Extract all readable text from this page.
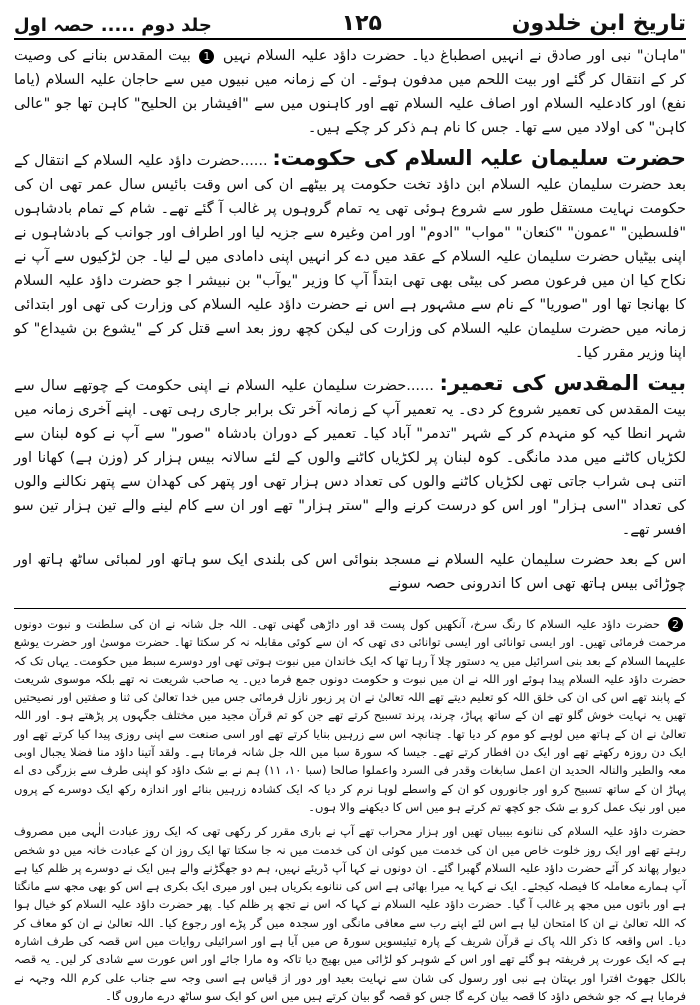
تاریخ ابن خلدون
۱۲۵
جلد دوم ..... حصہ اول

"ماہان" نبی اور صادق نے انہیں اصطباغ دیا۔ حضرت داؤد علیہ السلام نہیں 1 بیت المقدس بنانے کی وصیت کر کے انتقال کر گئے اور بیت اللحم میں مدفون ہوئے۔ ان کے زمانہ میں نبیوں میں سے حاجان علیہ السلام (یاما نفع) اور کادعلیہ السلام اور اصاف علیہ السلام تھے اور کاہنوں میں سے "افیشار بن الحلیح" کاہن تھا جو "عالی کاہن" کی اولاد میں سے تھا۔ جس کا نام ہم ذکر کر چکے ہیں۔

حضرت سلیمان علیہ السلام کی حکومت: ......حضرت داؤد علیہ السلام کے انتقال کے بعد حضرت سلیمان علیہ السلام ابن داؤد تخت حکومت پر بیٹھے ان کی اس وقت بائیس سال عمر تھی ان کی حکومت نہایت مستقل طور سے شروع ہوئی تھی یہ تمام گروہوں پر غالب آ گئے تھے۔ شام کے تمام بادشاہوں "فلسطین" "عمون" "کنعان" "مواب" "ادوم" اور امن وغیرہ سے جزیہ لیا اور اطراف اور جوانب کے بادشاہوں نے اپنی بیٹیاں حضرت سلیمان علیہ السلام کے عقد میں دے کر انہیں اپنی دامادی میں لے لیا۔ جن لڑکیوں سے آپ نے نکاح کیا ان میں فرعون مصر کی بیٹی بھی تھی ابتداً آپ کا وزیر "یوآب" بن نبیشر ا جو حضرت داؤد علیہ السلام کا بھانجا تھا اور "صوریا" کے نام سے مشہور ہے اس نے حضرت داؤد علیہ السلام کی وزارت کی تھی اور ابتدائی زمانہ میں حضرت سلیمان علیہ السلام کی وزارت کی لیکن کچھ روز بعد اسے قتل کر کے "یشوع بن شیداع" کو اپنا وزیر مقرر کیا۔

بیت المقدس کی تعمیر: ......حضرت سلیمان علیہ السلام نے اپنی حکومت کے چوتھے سال سے بیت المقدس کی تعمیر شروع کر دی۔ یہ تعمیر آپ کے زمانہ آخر تک برابر جاری رہی تھی۔ اپنے آخری زمانہ میں شہر انطا کیہ کو منہدم کر کے شہر "تدمر" آباد کیا۔ تعمیر کے دوران بادشاہ "صور" سے آپ نے کوہ لبنان سے لکڑیاں کاٹنے میں مدد مانگی۔ کوہ لبنان پر لکڑیاں کاٹنے والوں کے لئے سالانہ بیس ہزار کر (وزن ہے) کھانا اور اتنی ہی شراب جاتی تھی لکڑیاں کاٹنے والوں کی تعداد دس ہزار تھی اور پتھر کی کھدان سے پتھر نکالنے والوں کی تعداد "اسی ہزار" اور اس کو درست کرنے والے "ستر ہزار" تھے اور ان سے کام لینے والے تین ہزار تین سو افسر تھے۔

اس کے بعد حضرت سلیمان علیہ السلام نے مسجد بنوائی اس کی بلندی ایک سو ہاتھ اور لمبائی ساٹھ ہاتھ اور چوڑائی بیس ہاتھ تھی اس کا اندرونی حصہ سونے

2 حضرت داؤد علیہ السلام کا رنگ سرخ، آنکھیں کول پست قد اور داڑھی گھنی تھی۔ اللہ جل شانہ نے ان کی سلطنت و نبوت دونوں مرحمت فرمائی تھیں۔ اور ایسی توانائی اور ایسی توانائی دی تھی کہ ان سے کوئی مقابلہ نہ کر سکتا تھا۔ حضرت موسیٰ اور حضرت یوشع علیہما السلام کے بعد بنی اسرائیل میں یہ دستور چلا آ رہا تھا کہ ایک خاندان میں نبوت ہوتی تھی اور دوسرے سبط میں حکومت۔ یہاں تک کہ حضرت داؤد علیہ السلام پیدا ہوئے اور اللہ نے ان میں نبوت و حکومت دونوں جمع فرما دیں۔ یہ صاحب شریعت نہ تھے بلکہ موسوی شریعت کے پابند تھے اس کی ان کی خلق اللہ کو تعلیم دیتے تھے اللہ تعالیٰ نے ان پر زبور نازل فرمائی جس میں خدا تعالیٰ کی ثنا و صفتیں اور نصیحتیں تھیں یہ نہایت خوش گلو تھے ان کے ساتھ پہاڑ، چرند، پرند تسبیح کرتے تھے جن کو تم قرآن مجید میں مختلف جگہوں پر پڑھتے ہو۔ اور اللہ تعالیٰ نے ان کے ہاتھ میں لوہے کو موم کر دیا تھا۔ چنانچہ اس سے زرہیں بنایا کرتے تھے اور اسی صنعت سے اپنی روزی پیدا کیا کرتے تھے اور ایک دن روزہ رکھتے تھے اور ایک دن افطار کرتے تھے۔ جیسا کہ سورۃ سبا میں اللہ جل شانہ فرماتا ہے۔ ولقد آتینا داؤد منا فضلا یجبال اوبی معہ والطیر والنالہ الحدید ان اعمل سابغات وقدر فی السرد واعملوا صالحا (سبا ۱۰، ۱۱) ہم نے بے شک داؤد کو اپنی طرف سے بزرگی دی اے پہاڑ ان کے ساتھ تسبیح کرو اور جانوروں کو ان کے واسطے لوہا نرم کر دیا کہ ایک کشادہ زرہیں بنائے اور اندازہ رکھ ایک دوسرے کے پروں میں اور نیک عمل کرو بے شک جو کچھ تم کرتے ہو میں اس کا دیکھنے والا ہوں۔

حضرت داؤد علیہ السلام کی ننانوے بیبیاں تھیں اور ہزار محراب تھے آپ نے باری مقرر کر رکھی تھی کہ ایک روز عبادت الٰہی میں مصروف رہتے تھے اور ایک روز خلوت خاص میں ان کی خدمت میں کوئی ان کی خدمت میں نہ جا سکتا تھا ایک روز ان کے عبادت خانہ میں دو شخص دیوار پھاند کر آئے حضرت داؤد علیہ السلام گھبرا گئے۔ ان دونوں نے کہا آپ ڈریئے نہیں، ہم دو جھگڑنے والے ہیں ایک نے دوسرے پر ظلم کیا ہے آپ ہمارے معاملہ کا فیصلہ کیجئے۔ ایک نے کہا یہ میرا بھائی ہے اس کی ننانوے بکریاں ہیں اور میری ایک بکری ہے اس کو بھی مجھ سے مانگتا ہے اور باتوں میں مجھ پر غالب آ گیا۔ حضرت داؤد علیہ السلام نے کہا کہ اس نے تجھ پر ظلم کیا۔ پھر حضرت داؤد علیہ السلام کو خیال ہوا کہ اللہ تعالیٰ نے ان کا امتحان لیا ہے اس لئے اپنے رب سے معافی مانگی اور سجدہ میں گر پڑے اور رجوع کیا۔ اللہ تعالیٰ نے ان کو معاف کر دیا۔ اس واقعہ کا ذکر اللہ پاک نے قرآن شریف کے پارہ تیئیسویں سورۃ ص میں آیا ہے اور اسرائیلی روایات میں اس قصہ کی طرف اشارہ ہے کہ ایک عورت پر فریفتہ ہو گئے تھے اور اس کے شوہر کو لڑائی میں بھیج دیا تاکہ وہ مارا جائے اور اس عورت سے شادی کر لیں۔ یہ قصہ بالکل جھوٹ افترا اور بہتان ہے نبی اور رسول کی شان سے نہایت بعید اور دور از قیاس ہے اسی وجہ سے جناب علی کرم اللہ وجہہ نے فرمایا ہے کہ جو شخص داؤد کا قصہ بیان کرے گا جس کو قصہ گو بیان کرتے ہیں میں اس کو ایک سو ساٹھ درے ماروں گا۔
